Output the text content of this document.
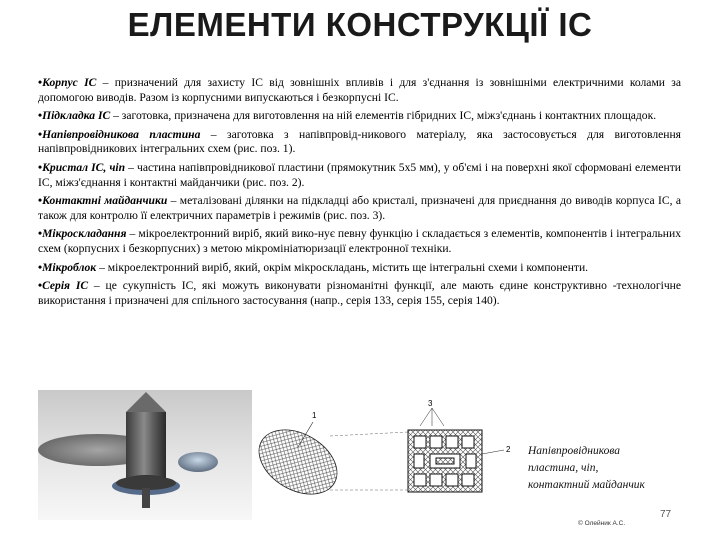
ЕЛЕМЕНТИ КОНСТРУКЦІЇ ІС

•Корпус ІС – призначений для захисту ІС від зовнішніх впливів і для з'єднання із зовнішніми електричними колами за допомогою виводів. Разом із корпусними випускаються і безкорпусні ІС.

•Підкладка ІС – заготовка, призначена для виготовлення на ній елементів гібридних ІС, міжз'єднань і контактних площадок.

•Напівпровідникова пластина – заготовка з напівпровід-никового матеріалу, яка застосовується для виготовлення напівпровідникових інтегральних схем (рис. поз. 1).

•Кристал ІС, чіп – частина напівпровідникової пластини (прямокутник 5х5 мм), у об'ємі і на поверхні якої сформовані елементи ІС, міжз'єднання і контактні майданчики (рис. поз. 2).

•Контактні майданчики – металізовані ділянки на підкладці або кристалі, призначені для приєднання до виводів корпуса ІС, а також для контролю її електричних параметрів і режимів (рис. поз. 3).

•Мікроскладання – мікроелектронний виріб, який вико-нує певну функцію і складається з елементів, компонентів і інтегральних схем (корпусних і безкорпусних) з метою мікромініатюризації електронної техніки.

•Мікроблок – мікроелектронний виріб, який, окрім мікроскладань, містить ще інтегральні схеми і компоненти.

•Серія ІС – це сукупність ІС, які можуть виконувати різноманітні функції, але мають єдине конструктивно -технологічне використання і призначені для спільного застосування (напр., серія 133, серія 155, серія 140).

1
3
2 Напівпровідникова
пластина, чіп,
контактний майданчик
77
© Олейник А.С.
